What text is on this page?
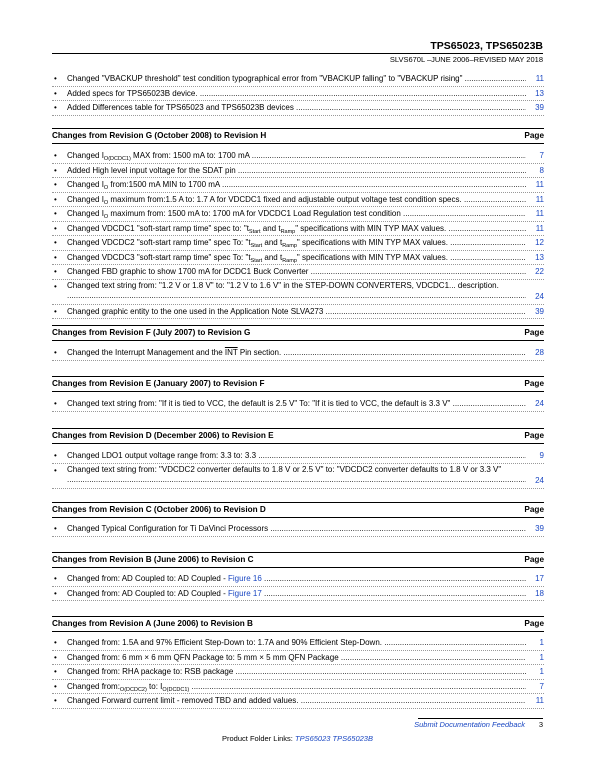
TPS65023, TPS65023B
SLVS670L –JUNE 2006–REVISED MAY 2018
• Changed "VBACKUP threshold" test condition typographical error from "VBACKUP falling" to "VBACKUP rising" .....	11
• Added specs for TPS65023B device. .....	13
• Added Differences table for TPS65023 and TPS65023B devices .....	39
Changes from Revision G (October 2008) to Revision H	Page
• Changed $I_{O(DCDC1)}$ MAX from: 1500 mA to: 1700 mA .....	7
• Added High level input voltage for the SDAT pin .....	8
• Changed $I_O$ from:1500 mA MIN to 1700 mA .....	11
• Changed $I_O$ maximum from:1.5 A to: 1.7 A for VDCDC1 fixed and adjustable output voltage test condition specs. .....	11
• Changed $I_O$ maximum from: 1500 mA to: 1700 mA for VDCDC1 Load Regulation test condition .....	11
• Changed VDCDC1 "soft-start ramp time" spec to: "$t_{Start}$ and $t_{Ramp}$" specifications with MIN TYP MAX values. .....	11
• Changed VDCDC2 "soft-start ramp time" spec To: "$t_{Start}$ and $t_{Ramp}$" specifications with MIN TYP MAX values. .....	12
• Changed VDCDC3 "soft-start ramp time" spec To: "$t_{Start}$ and $t_{Ramp}$" specifications with MIN TYP MAX values. .....	13
• Changed FBD graphic to show 1700 mA for DCDC1 Buck Converter .....	22
• Changed text string from: "1.2 V or 1.8 V" to: "1.2 V to 1.6 V" in the STEP-DOWN CONVERTERS, VDCDC1... description. .....
24
• Changed graphic entity to the one used in the Application Note SLVA273 .....	39
Changes from Revision F (July 2007) to Revision G	Page
• Changed the Interrupt Management and the $\overline{INT}$ Pin section. .....	28
Changes from Revision E (January 2007) to Revision F	Page
• Changed text string from: "If it is tied to VCC, the default is 2.5 V" To: "If it is tied to VCC, the default is 3.3 V" .....	24
Changes from Revision D (December 2006) to Revision E	Page
• Changed LDO1 output voltage range from: 3.3 to: 3.3 .....	9
• Changed text string from: "VDCDC2 converter defaults to 1.8 V or 2.5 V" to: "VDCDC2 converter defaults to 1.8 V or 3.3 V" .....
24
Changes from Revision C (October 2006) to Revision D	Page
• Changed Typical Configuration for Ti DaVinci Processors .....	39
Changes from Revision B (June 2006) to Revision C	Page
• Changed from: AD Coupled to: AD Coupled - Figure 16 .....	17
• Changed from: AD Coupled to: AD Coupled - Figure 17 .....	18
Changes from Revision A (June 2006) to Revision B	Page
• Changed from: 1.5A and 97% Efficient Step-Down to: 1.7A and 90% Efficient Step-Down. .....	1
• Changed from: 6 mm × 6 mm QFN Package to: 5 mm × 5 mm QFN Package .....	1
• Changed from: RHA package to: RSB package .....	1
• Changed $from:_{O(DCDC2)}$ to: $I_{O(DCDC1)}$ .....	7
• Changed Forward current limit - removed TBD and added values. .....	11
Submit Documentation Feedback 3
Product Folder Links: TPS65023 TPS65023B
